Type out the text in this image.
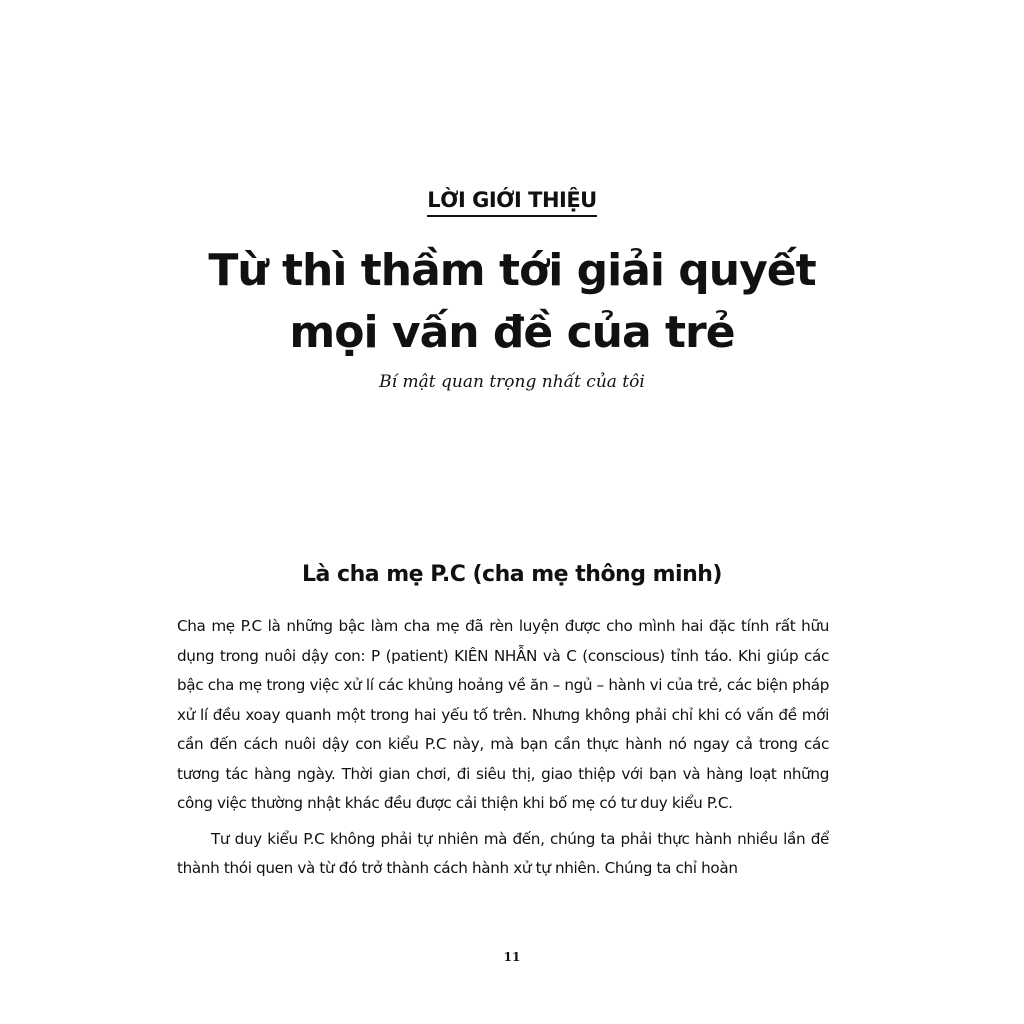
LỜI GIỚI THIỆU
Từ thì thầm tới giải quyết
mọi vấn đề của trẻ
Bí mật quan trọng nhất của tôi
Là cha mẹ P.C (cha mẹ thông minh)

Cha mẹ P.C là những bậc làm cha mẹ đã rèn luyện được cho mình hai đặc tính rất hữu dụng trong nuôi dậy con: P (patient) KIÊN NHẪN và C (conscious) tỉnh táo. Khi giúp các bậc cha mẹ trong việc xử lí các khủng hoảng về ăn – ngủ – hành vi của trẻ, các biện pháp xử lí đều xoay quanh một trong hai yếu tố trên. Nhưng không phải chỉ khi có vấn đề mới cần đến cách nuôi dậy con kiểu P.C này, mà bạn cần thực hành nó ngay cả trong các tương tác hàng ngày. Thời gian chơi, đi siêu thị, giao thiệp với bạn và hàng loạt những công việc thường nhật khác đều được cải thiện khi bố mẹ có tư duy kiểu P.C.

Tư duy kiểu P.C không phải tự nhiên mà đến, chúng ta phải thực hành nhiều lần để thành thói quen và từ đó trở thành cách hành xử tự nhiên. Chúng ta chỉ hoàn

11
